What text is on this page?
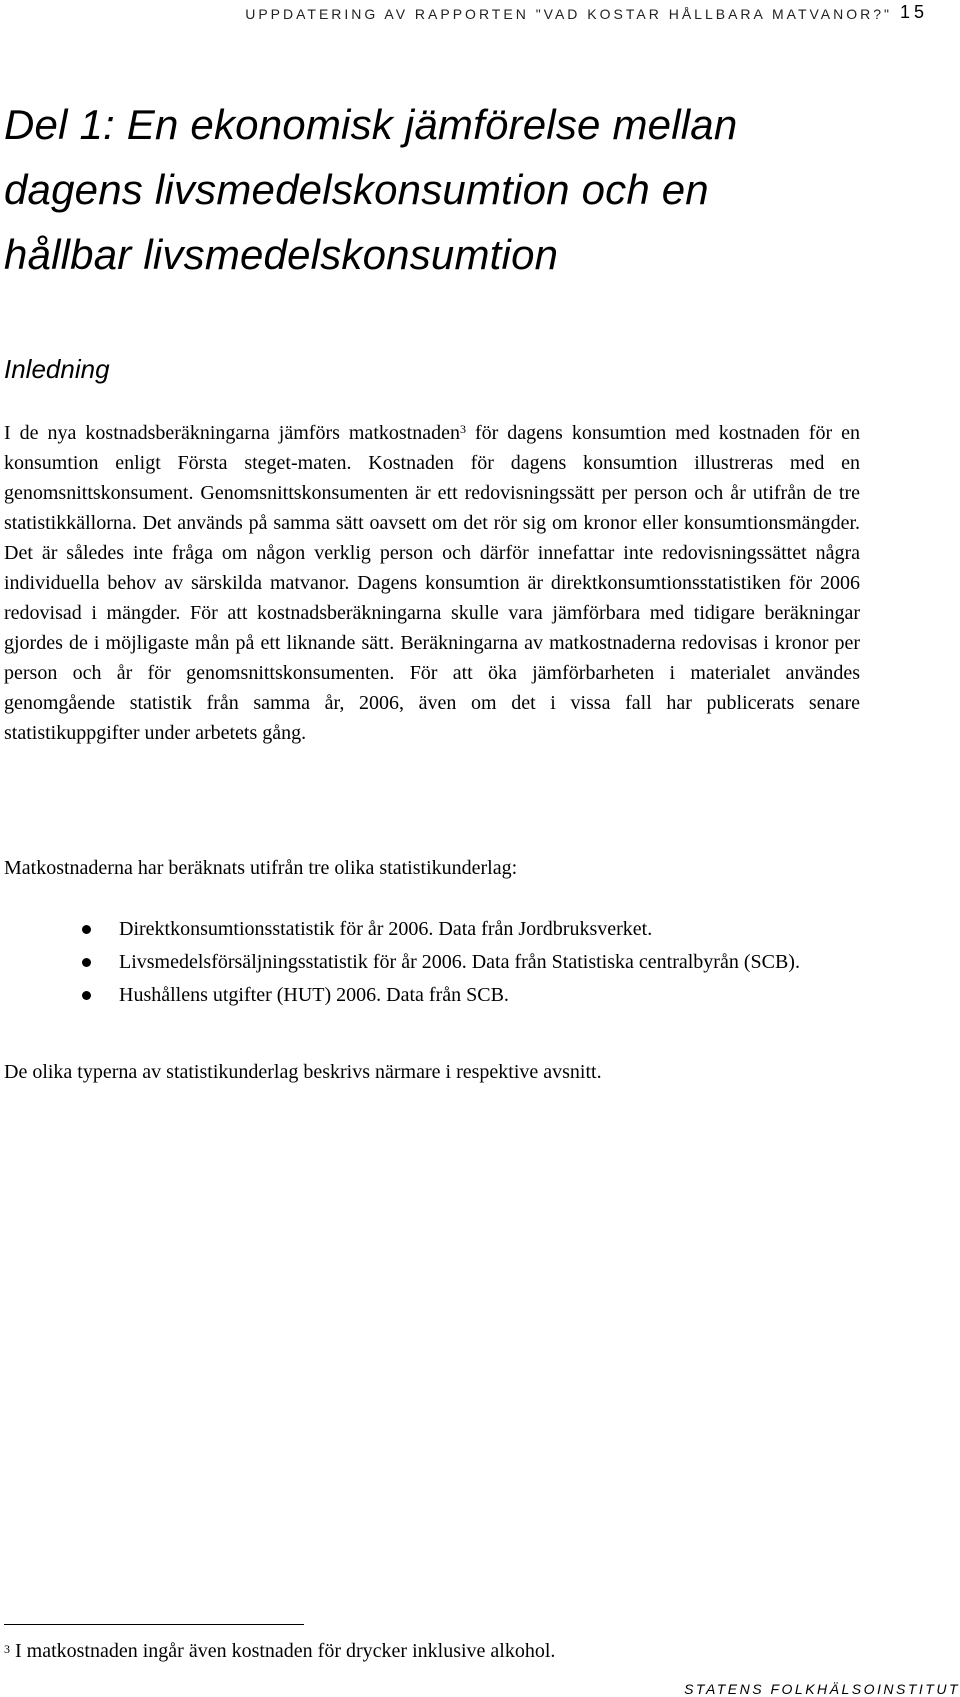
UPPDATERING AV RAPPORTEN "VAD KOSTAR HÅLLBARA MATVANOR?" 15
Del 1: En ekonomisk jämförelse mellan
dagens livsmedelskonsumtion och en
hållbar livsmedelskonsumtion
Inledning

I de nya kostnadsberäkningarna jämförs matkostnaden$^3$ för dagens konsumtion med kostnaden för en konsumtion enligt Första steget-maten. Kostnaden för dagens konsumtion illustreras med en genomsnittskonsument. Genomsnittskonsumenten är ett redovisningssätt per person och år utifrån de tre statistikkällorna. Det används på samma sätt oavsett om det rör sig om kronor eller konsumtionsmängder. Det är således inte fråga om någon verklig person och därför innefattar inte redovisningssättet några individuella behov av särskilda matvanor. Dagens konsumtion är direktkonsumtionsstatistiken för 2006 redovisad i mängder. För att kostnadsberäkningarna skulle vara jämförbara med tidigare beräkningar gjordes de i möjligaste mån på ett liknande sätt. Beräkningarna av matkostnaderna redovisas i kronor per person och år för genomsnittskonsumenten. För att öka jämförbarheten i materialet användes genomgående statistik från samma år, 2006, även om det i vissa fall har publicerats senare statistikuppgifter under arbetets gång.

Matkostnaderna har beräknats utifrån tre olika statistikunderlag:

Direktkonsumtionsstatistik för år 2006. Data från Jordbruksverket.
Livsmedelsförsäljningsstatistik för år 2006. Data från Statistiska centralbyrån (SCB).
Hushållens utgifter (HUT) 2006. Data från SCB.

De olika typerna av statistikunderlag beskrivs närmare i respektive avsnitt.

$^3$ I matkostnaden ingår även kostnaden för drycker inklusive alkohol.
STATENS FOLKHÄLSOINSTITUT
